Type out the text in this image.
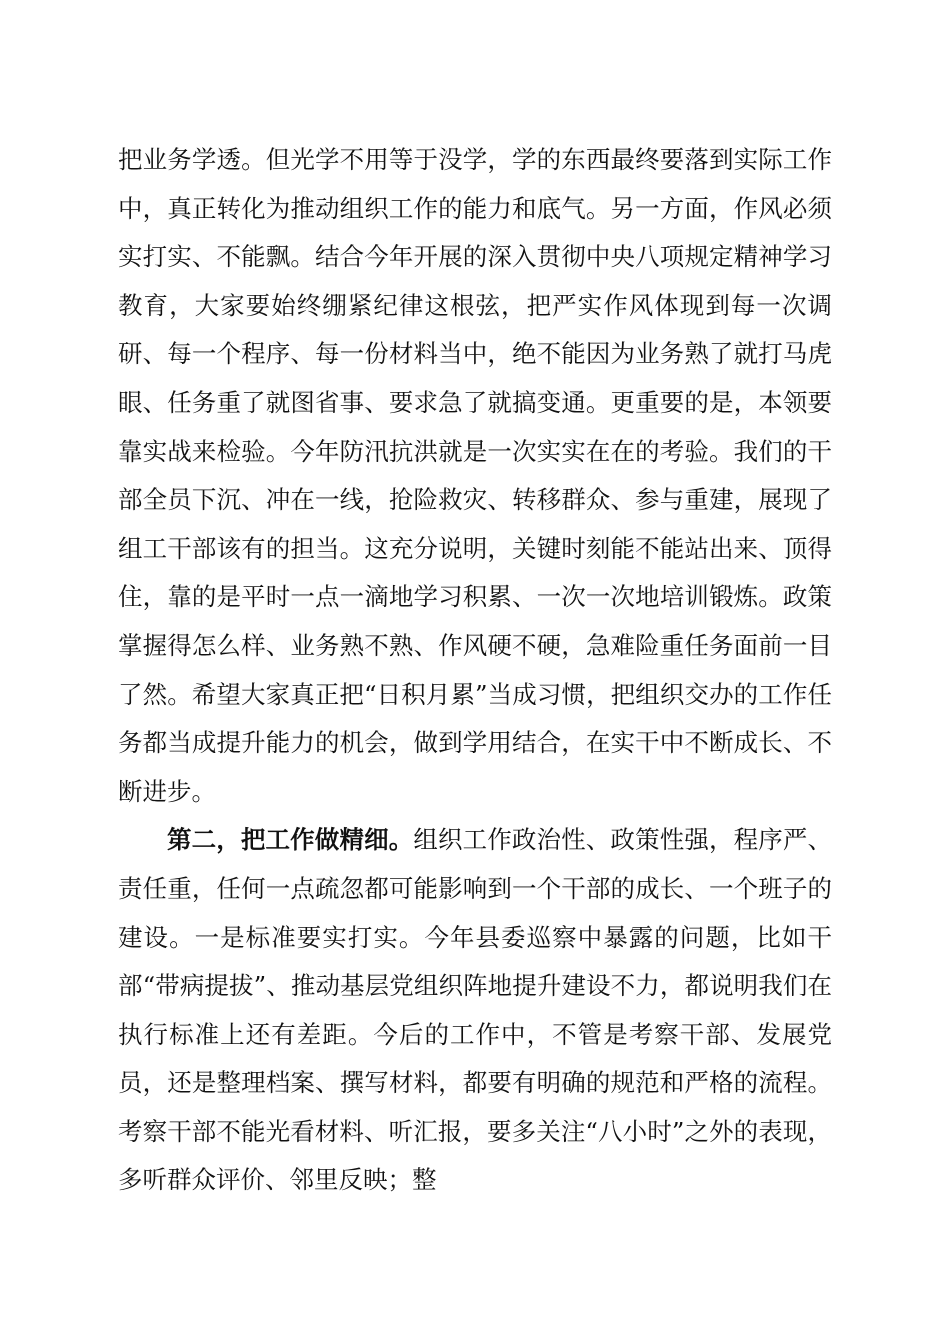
把业务学透。但光学不用等于没学，学的东西最终要落到实际工作中，真正转化为推动组织工作的能力和底气。另一方面，作风必须实打实、不能飘。结合今年开展的深入贯彻中央八项规定精神学习教育，大家要始终绷紧纪律这根弦，把严实作风体现到每一次调研、每一个程序、每一份材料当中，绝不能因为业务熟了就打马虎眼、任务重了就图省事、要求急了就搞变通。更重要的是，本领要靠实战来检验。今年防汛抗洪就是一次实实在在的考验。我们的干部全员下沉、冲在一线，抢险救灾、转移群众、参与重建，展现了组工干部该有的担当。这充分说明，关键时刻能不能站出来、顶得住，靠的是平时一点一滴地学习积累、一次一次地培训锻炼。政策掌握得怎么样、业务熟不熟、作风硬不硬，急难险重任务面前一目了然。希望大家真正把“日积月累”当成习惯，把组织交办的工作任务都当成提升能力的机会，做到学用结合，在实干中不断成长、不断进步。

第二，把工作做精细。组织工作政治性、政策性强，程序严、责任重，任何一点疏忽都可能影响到一个干部的成长、一个班子的建设。一是标准要实打实。今年县委巡察中暴露的问题，比如干部“带病提拔”、推动基层党组织阵地提升建设不力，都说明我们在执行标准上还有差距。今后的工作中，不管是考察干部、发展党员，还是整理档案、撰写材料，都要有明确的规范和严格的流程。考察干部不能光看材料、听汇报，要多关注“八小时”之外的表现，多听群众评价、邻里反映；整
